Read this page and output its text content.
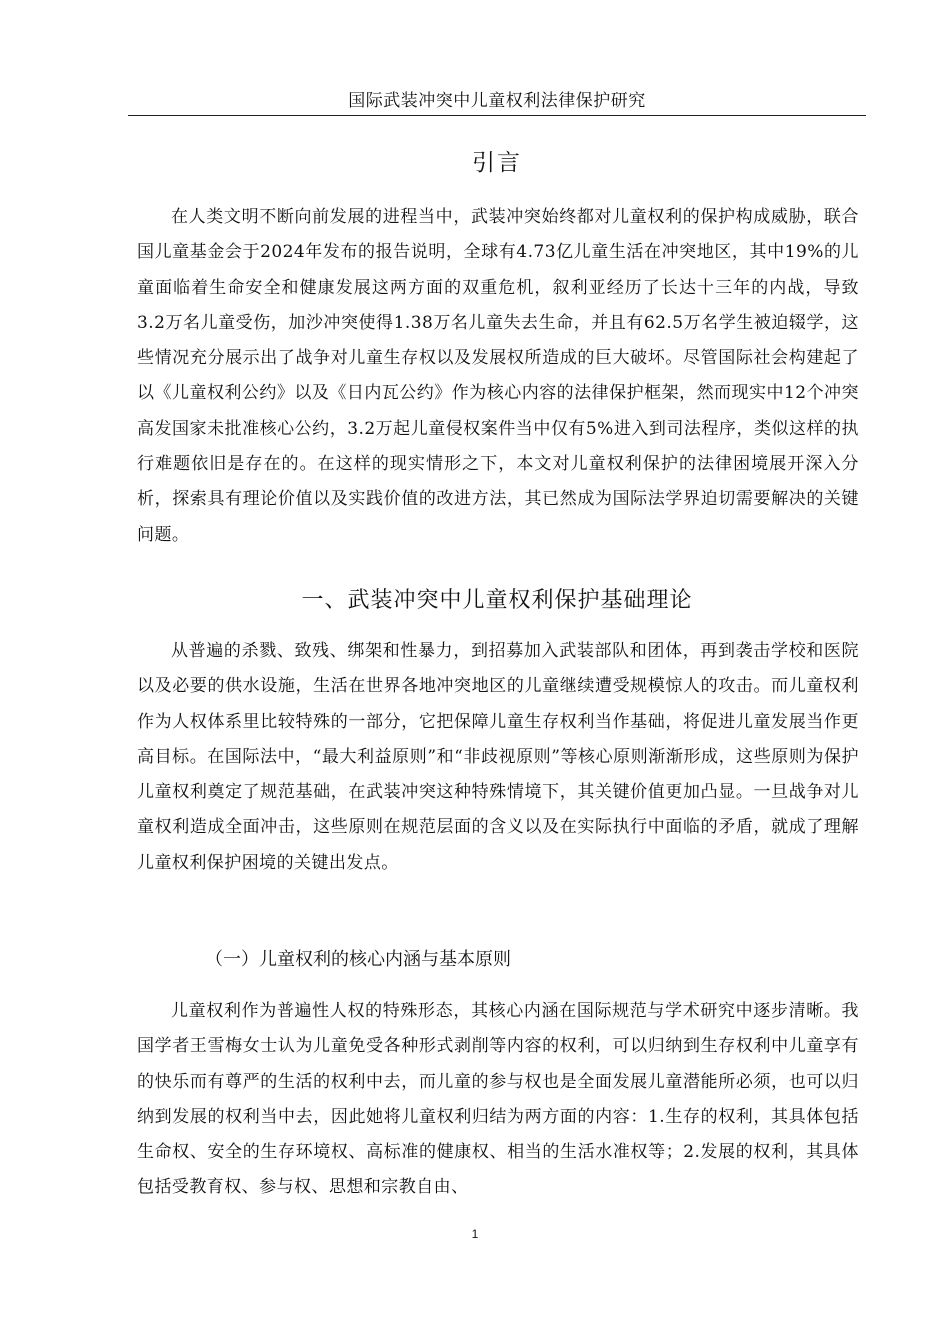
国际武装冲突中儿童权利法律保护研究
引言

在人类文明不断向前发展的进程当中，武装冲突始终都对儿童权利的保护构成威胁，联合国儿童基金会于2024年发布的报告说明，全球有4.73亿儿童生活在冲突地区，其中19%的儿童面临着生命安全和健康发展这两方面的双重危机，叙利亚经历了长达十三年的内战，导致3.2万名儿童受伤，加沙冲突使得1.38万名儿童失去生命，并且有62.5万名学生被迫辍学，这些情况充分展示出了战争对儿童生存权以及发展权所造成的巨大破坏。尽管国际社会构建起了以《儿童权利公约》以及《日内瓦公约》作为核心内容的法律保护框架，然而现实中12个冲突高发国家未批准核心公约，3.2万起儿童侵权案件当中仅有5%进入到司法程序，类似这样的执行难题依旧是存在的。在这样的现实情形之下，本文对儿童权利保护的法律困境展开深入分析，探索具有理论价值以及实践价值的改进方法，其已然成为国际法学界迫切需要解决的关键问题。

一、武装冲突中儿童权利保护基础理论

从普遍的杀戮、致残、绑架和性暴力，到招募加入武装部队和团体，再到袭击学校和医院以及必要的供水设施，生活在世界各地冲突地区的儿童继续遭受规模惊人的攻击。而儿童权利作为人权体系里比较特殊的一部分，它把保障儿童生存权利当作基础，将促进儿童发展当作更高目标。在国际法中，“最大利益原则”和“非歧视原则”等核心原则渐渐形成，这些原则为保护儿童权利奠定了规范基础，在武装冲突这种特殊情境下，其关键价值更加凸显。一旦战争对儿童权利造成全面冲击，这些原则在规范层面的含义以及在实际执行中面临的矛盾，就成了理解儿童权利保护困境的关键出发点。

（一）儿童权利的核心内涵与基本原则

儿童权利作为普遍性人权的特殊形态，其核心内涵在国际规范与学术研究中逐步清晰。我国学者王雪梅女士认为儿童免受各种形式剥削等内容的权利，可以归纳到生存权利中儿童享有的快乐而有尊严的生活的权利中去，而儿童的参与权也是全面发展儿童潜能所必须，也可以归纳到发展的权利当中去，因此她将儿童权利归结为两方面的内容：1.生存的权利，其具体包括生命权、安全的生存环境权、高标准的健康权、相当的生活水准权等；2.发展的权利，其具体包括受教育权、参与权、思想和宗教自由、

1
